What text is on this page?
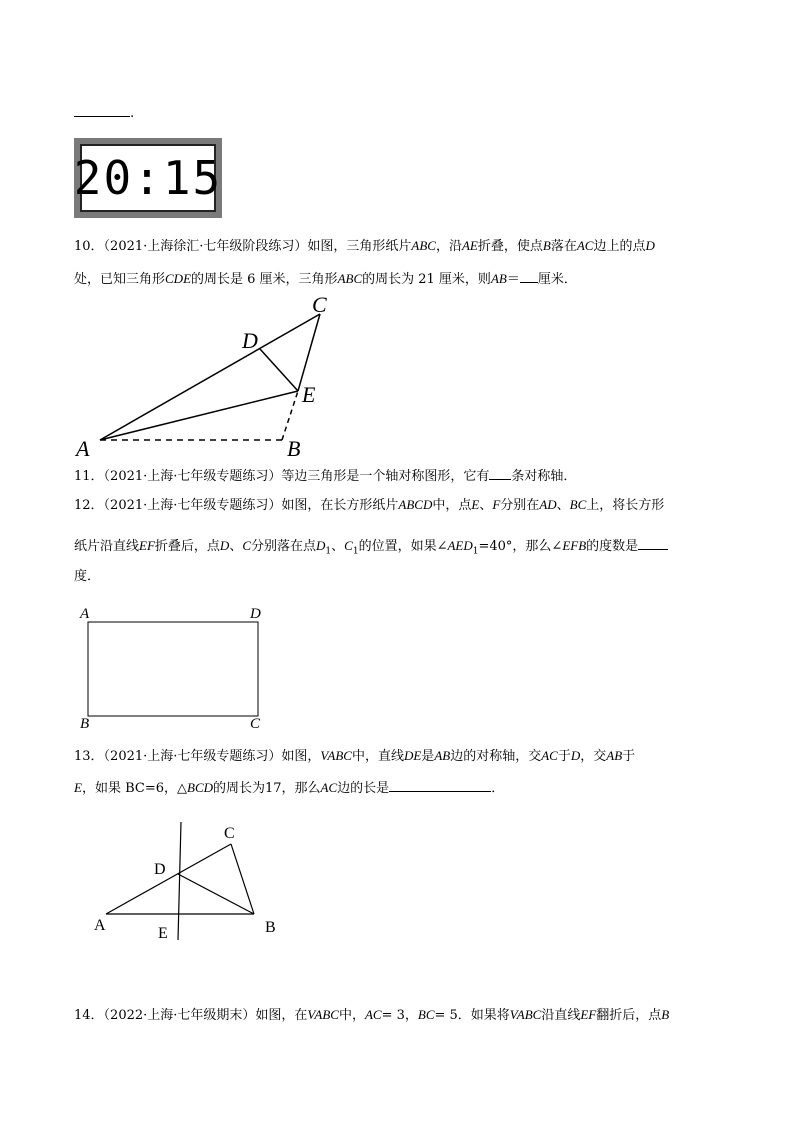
.
20:15
10．（2021·上海徐汇·七年级阶段练习）如图，三角形纸片ABC，沿AE折叠，使点B落在AC边上的点D
处，已知三角形CDE的周长是 6 厘米，三角形ABC的周长为 21 厘米，则AB＝ 厘米．
A	B
C
D
E
11．（2021·上海·七年级专题练习）等边三角形是一个轴对称图形，它有 条对称轴．
12．（2021·上海·七年级专题练习）如图，在长方形纸片ABCD中，点E、F分别在AD、BC上，将长方形
纸片沿直线EF折叠后，点D、C分别落在点$D_1$、$C_1$的位置，如果$\angle AED_1=40^\circ$，那么∠EFB的度数是
度．
A	D
B	C
13．（2021·上海·七年级专题练习）如图，VABC中，直线DE是AB边的对称轴，交AC于D，交AB于
E，如果 BC=6，△BCD的周长为17，那么AC边的长是	．
A	B
C
D
E
14．（2022·上海·七年级期末）如图，在VABC中，AC= 3，BC= 5．如果将VABC沿直线EF翻折后，点B
